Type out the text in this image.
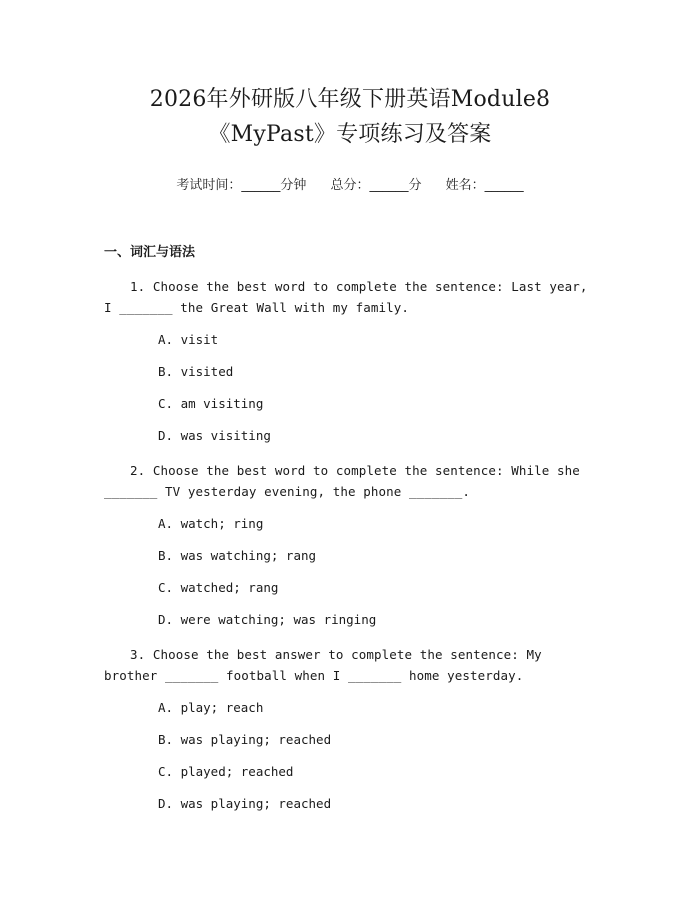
2026年外研版八年级下册英语Module8
《MyPast》专项练习及答案
考试时间：______分钟 总分：______分 姓名：______
一、词汇与语法

1. Choose the best word to complete the sentence: Last year, I _______ the Great Wall with my family.

A. visit
B. visited
C. am visiting
D. was visiting

2. Choose the best word to complete the sentence: While she _______ TV yesterday evening, the phone _______.

A. watch; ring
B. was watching; rang
C. watched; rang
D. were watching; was ringing

3. Choose the best answer to complete the sentence: My brother _______ football when I _______ home yesterday.

A. play; reach
B. was playing; reached
C. played; reached
D. was playing; reached
